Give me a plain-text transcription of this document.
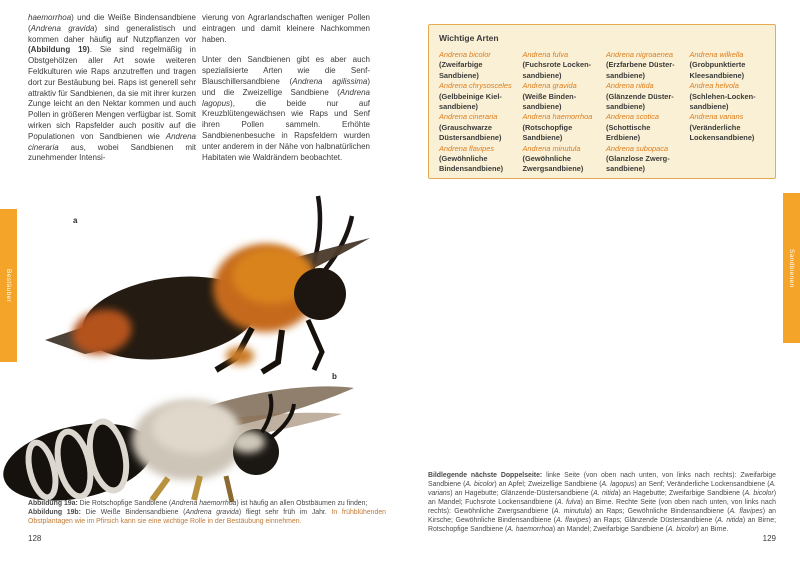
haemorrhoa) und die Weiße Bindensandbiene (Andrena gravida) sind generalistisch und kommen daher häufig auf Nutzpflanzen vor (Abbildung 19). Sie sind regelmäßig in Obstgehölzen aller Art sowie weiteren Feldkulturen wie Raps anzutreffen und tragen dort zur Bestäubung bei. Raps ist generell sehr attraktiv für Sandbienen, da sie mit ihrer kurzen Zunge leicht an den Nektar kommen und auch Pollen in größeren Mengen verfügbar ist. Somit wirken sich Rapsfelder auch positiv auf die Populationen von Sandbienen wie Andrena cineraria aus, wobei Sandbienen mit zunehmender Intensi-

vierung von Agrarlandschaften weniger Pollen eintragen und damit kleinere Nachkommen haben.

Unter den Sandbienen gibt es aber auch spezialisierte Arten wie die Senf-Blauschillersandbiene (Andrena agilissima) und die Zweizellige Sandbiene (Andrena lagopus), die beide nur auf Kreuzblütengewächsen wie Raps und Senf ihren Pollen sammeln. Erhöhte Sandbienenbesuche in Rapsfeldern wurden unter anderem in der Nähe von halbnatürlichen Habitaten wie Waldrändern beobachtet.

a
b
Abbildung 19a: Die Rotschopfige Sandbiene (Andrena haemorrhoa) ist häufig an allen Obstbäumen zu finden;
Abbildung 19b: Die Weiße Bindensandbiene (Andrena gravida) fliegt sehr früh im Jahr. In frühblühenden Obstplantagen wie im Pfirsich kann sie eine wichtige Rolle in der Bestäubung einnehmen.
128

Wichtige Arten

Andrena bicolor (Zweifarbige Sandbiene)
Andrena chrysosceles (Gelbbeinige Kiel-sandbiene)
Andrena cineraria (Grauschwarze Düstersandbiene)
Andrena flavipes (Gewöhnliche Bindensandbiene)
Andrena fulva (Fuchsrote Locken-sandbiene)
Andrena gravida (Weiße Binden-sandbiene)
Andrena haemorrhoa (Rotschopfige Sandbiene)
Andrena minutula (Gewöhnliche Zwergsandbiene)
Andrena nigroaenea (Erzfarbene Düster-sandbiene)
Andrena nitida (Glänzende Düster-sandbiene)
Andrena scotica (Schottische Erdbiene)
Andrena subopaca (Glanzlose Zwerg-sandbiene)
Andrena wilkella (Grobpunktierte Kleesandbiene)
Andrea helvola (Schlehen-Locken-sandbiene)
Andrena varians (Veränderliche Lockensandbiene)
Bildlegende nächste Doppelseite: linke Seite (von oben nach unten, von links nach rechts): Zweifarbige Sandbiene (A. bicolor) an Apfel; Zweizellige Sandbiene (A. lagopus) an Senf; Veränderliche Lockensandbiene (A. varians) an Hagebutte; Glänzende-Düstersandbiene (A. nitida) an Hagebutte; Zweifarbige Sandbiene (A. bicolor) an Mandel; Fuchsrote Lockensandbiene (A. fulva) an Birne. Rechte Seite (von oben nach unten, von links nach rechts): Gewöhnliche Zwergsandbiene (A. minutula) an Raps; Gewöhnliche Bindensandbiene (A. flavipes) an Kirsche; Gewöhnliche Bindensandbiene (A. flavipes) an Raps; Glänzende Düstersandbiene (A. nitida) an Birne; Rotschopfige Sandbiene (A. haemorrhoa) an Mandel; Zweifarbige Sandbiene (A. bicolor) an Birne.
129
Bestäuber	Sandbienen
